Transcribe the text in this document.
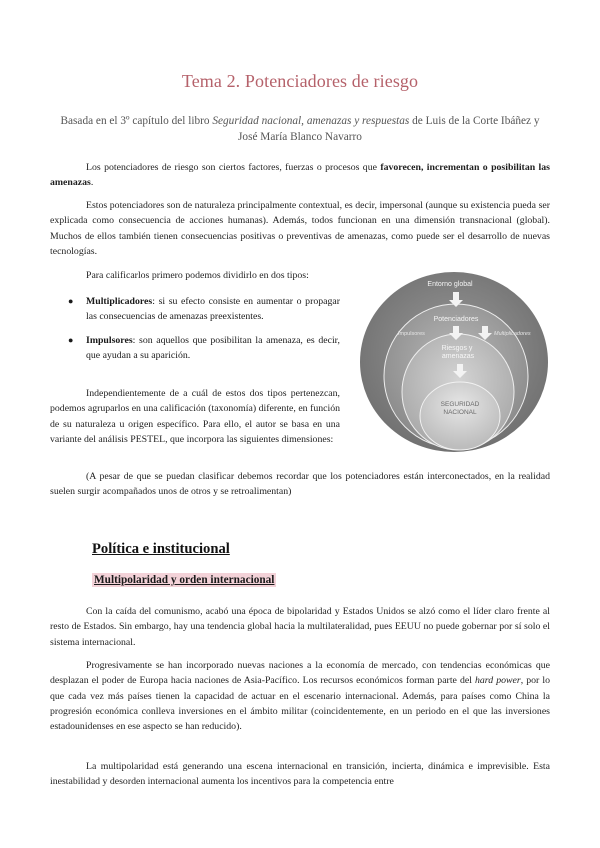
Tema 2. Potenciadores de riesgo
Basada en el 3º capítulo del libro Seguridad nacional, amenazas y respuestas de Luis de la Corte Ibáñez y José María Blanco Navarro
Los potenciadores de riesgo son ciertos factores, fuerzas o procesos que favorecen, incrementan o posibilitan las amenazas.
Estos potenciadores son de naturaleza principalmente contextual, es decir, impersonal (aunque su existencia pueda ser explicada como consecuencia de acciones humanas). Además, todos funcionan en una dimensión transnacional (global). Muchos de ellos también tienen consecuencias positivas o preventivas de amenazas, como puede ser el desarrollo de nuevas tecnologías.
Para calificarlos primero podemos dividirlo en dos tipos:
● Multiplicadores: si su efecto consiste en aumentar o propagar las consecuencias de amenazas preexistentes.
● Impulsores: son aquellos que posibilitan la amenaza, es decir, que ayudan a su aparición.
Independientemente de a cuál de estos dos tipos pertenezcan, podemos agruparlos en una calificación (taxonomía) diferente, en función de su naturaleza u origen específico. Para ello, el autor se basa en una variante del análisis PESTEL, que incorpora las siguientes dimensiones:
(A pesar de que se puedan clasificar debemos recordar que los potenciadores están interconectados, en la realidad suelen surgir acompañados unos de otros y se retroalimentan)
Entorno global
Potenciadores
Impulsores	Multiplicadores
Riesgos y amenazas
SEGURIDAD
NACIONAL
Política e institucional
Multipolaridad y orden internacional
Con la caída del comunismo, acabó una época de bipolaridad y Estados Unidos se alzó como el líder claro frente al resto de Estados. Sin embargo, hay una tendencia global hacia la multilateralidad, pues EEUU no puede gobernar por sí solo el sistema internacional.
Progresivamente se han incorporado nuevas naciones a la economía de mercado, con tendencias económicas que desplazan el poder de Europa hacia naciones de Asia-Pacífico. Los recursos económicos forman parte del hard power, por lo que cada vez más países tienen la capacidad de actuar en el escenario internacional. Además, para países como China la progresión económica conlleva inversiones en el ámbito militar (coincidentemente, en un periodo en el que las inversiones estadounidenses en ese aspecto se han reducido).
La multipolaridad está generando una escena internacional en transición, incierta, dinámica e imprevisible. Esta inestabilidad y desorden internacional aumenta los incentivos para la competencia entre
